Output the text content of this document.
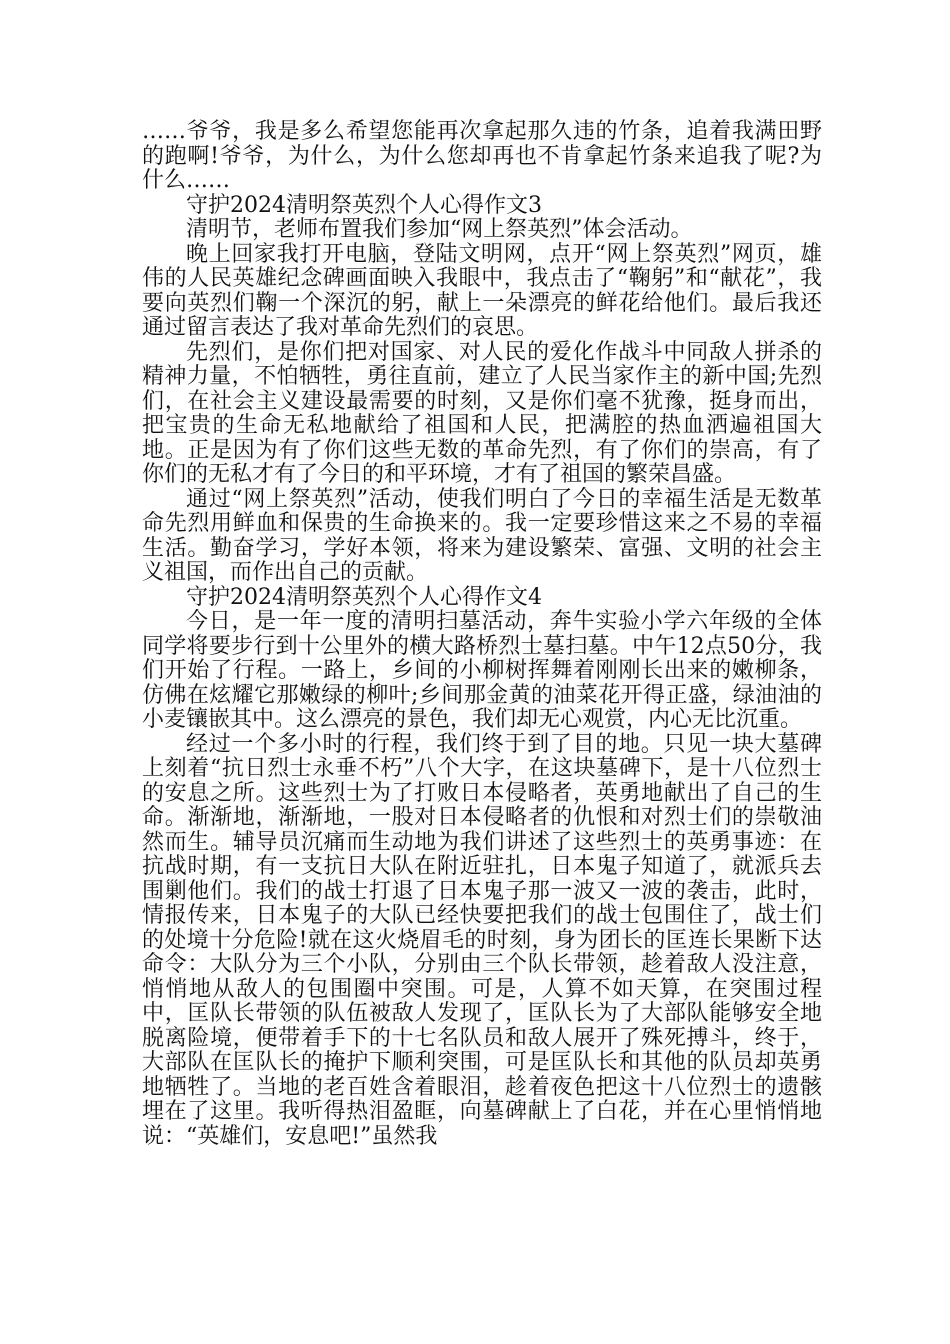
……爷爷，我是多么希望您能再次拿起那久违的竹条，追着我满田野的跑啊!爷爷，为什么，为什么您却再也不肯拿起竹条来追我了呢?为什么……

守护2024清明祭英烈个人心得作文3

清明节，老师布置我们参加“网上祭英烈”体会活动。

晚上回家我打开电脑，登陆文明网，点开“网上祭英烈”网页，雄伟的人民英雄纪念碑画面映入我眼中，我点击了“鞠躬”和“献花”，我要向英烈们鞠一个深沉的躬，献上一朵漂亮的鲜花给他们。最后我还通过留言表达了我对革命先烈们的哀思。

先烈们，是你们把对国家、对人民的爱化作战斗中同敌人拼杀的精神力量，不怕牺牲，勇往直前，建立了人民当家作主的新中国;先烈们，在社会主义建设最需要的时刻，又是你们毫不犹豫，挺身而出，把宝贵的生命无私地献给了祖国和人民，把满腔的热血洒遍祖国大地。正是因为有了你们这些无数的革命先烈，有了你们的崇高，有了你们的无私才有了今日的和平环境，才有了祖国的繁荣昌盛。

通过“网上祭英烈”活动，使我们明白了今日的幸福生活是无数革命先烈用鲜血和保贵的生命换来的。我一定要珍惜这来之不易的幸福生活。勤奋学习，学好本领，将来为建设繁荣、富强、文明的社会主义祖国，而作出自己的贡献。

守护2024清明祭英烈个人心得作文4

今日，是一年一度的清明扫墓活动，奔牛实验小学六年级的全体同学将要步行到十公里外的横大路桥烈士墓扫墓。中午12点50分，我们开始了行程。一路上，乡间的小柳树挥舞着刚刚长出来的嫩柳条，仿佛在炫耀它那嫩绿的柳叶;乡间那金黄的油菜花开得正盛，绿油油的小麦镶嵌其中。这么漂亮的景色，我们却无心观赏，内心无比沉重。

经过一个多小时的行程，我们终于到了目的地。只见一块大墓碑上刻着“抗日烈士永垂不朽”八个大字，在这块墓碑下，是十八位烈士的安息之所。这些烈士为了打败日本侵略者，英勇地献出了自己的生命。渐渐地，渐渐地，一股对日本侵略者的仇恨和对烈士们的崇敬油然而生。辅导员沉痛而生动地为我们讲述了这些烈士的英勇事迹：在抗战时期，有一支抗日大队在附近驻扎，日本鬼子知道了，就派兵去围剿他们。我们的战士打退了日本鬼子那一波又一波的袭击，此时，情报传来，日本鬼子的大队已经快要把我们的战士包围住了，战士们的处境十分危险!就在这火烧眉毛的时刻，身为团长的匡连长果断下达命令：大队分为三个小队，分别由三个队长带领，趁着敌人没注意，悄悄地从敌人的包围圈中突围。可是，人算不如天算，在突围过程中，匡队长带领的队伍被敌人发现了，匡队长为了大部队能够安全地脱离险境，便带着手下的十七名队员和敌人展开了殊死搏斗，终于，大部队在匡队长的掩护下顺利突围，可是匡队长和其他的队员却英勇地牺牲了。当地的老百姓含着眼泪，趁着夜色把这十八位烈士的遗骸埋在了这里。我听得热泪盈眶，向墓碑献上了白花，并在心里悄悄地说：“英雄们，安息吧!”虽然我
